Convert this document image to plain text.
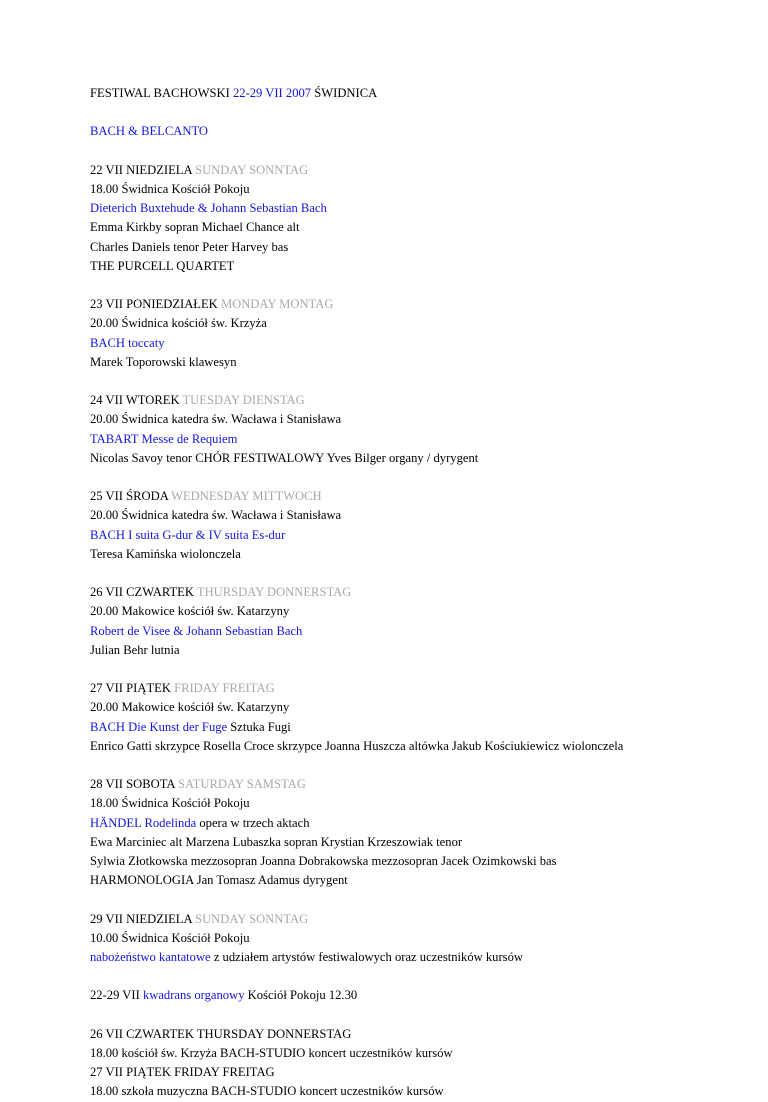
FESTIWAL BACHOWSKI 22-29 VII 2007 ŚWIDNICA
BACH & BELCANTO
22 VII NIEDZIELA SUNDAY SONNTAG
18.00 Świdnica Kościół Pokoju
Dieterich Buxtehude & Johann Sebastian Bach
Emma Kirkby sopran Michael Chance alt
Charles Daniels tenor Peter Harvey bas
THE PURCELL QUARTET
23 VII PONIEDZIAŁEK MONDAY MONTAG
20.00 Świdnica kościół św. Krzyża
BACH toccaty
Marek Toporowski klawesyn
24 VII WTOREK TUESDAY DIENSTAG
20.00 Świdnica katedra św. Wacława i Stanisława
TABART Messe de Requiem
Nicolas Savoy tenor CHÓR FESTIWALOWY Yves Bilger organy / dyrygent
25 VII ŚRODA WEDNESDAY MITTWOCH
20.00 Świdnica katedra św. Wacława i Stanisława
BACH I suita G-dur & IV suita Es-dur
Teresa Kamińska wiolonczela
26 VII CZWARTEK THURSDAY DONNERSTAG
20.00 Makowice kościół św. Katarzyny
Robert de Visee & Johann Sebastian Bach
Julian Behr lutnia
27 VII PIĄTEK FRIDAY FREITAG
20.00 Makowice kościół św. Katarzyny
BACH Die Kunst der Fuge Sztuka Fugi
Enrico Gatti skrzypce Rosella Croce skrzypce Joanna Huszcza altówka Jakub Kościukiewicz wiolonczela
28 VII SOBOTA SATURDAY SAMSTAG
18.00 Świdnica Kościół Pokoju
HÄNDEL Rodelinda opera w trzech aktach
Ewa Marciniec alt Marzena Lubaszka sopran Krystian Krzeszowiak tenor
Sylwia Złotkowska mezzosopran Joanna Dobrakowska mezzosopran Jacek Ozimkowski bas
HARMONOLOGIA Jan Tomasz Adamus dyrygent
29 VII NIEDZIELA SUNDAY SONNTAG
10.00 Świdnica Kościół Pokoju
nabożeństwo kantatowe z udziałem artystów festiwalowych oraz uczestników kursów
22-29 VII kwadrans organowy Kościół Pokoju 12.30
26 VII CZWARTEK THURSDAY DONNERSTAG
18.00 kościół św. Krzyża BACH-STUDIO koncert uczestników kursów
27 VII PIĄTEK FRIDAY FREITAG
18.00 szkoła muzyczna BACH-STUDIO koncert uczestników kursów
